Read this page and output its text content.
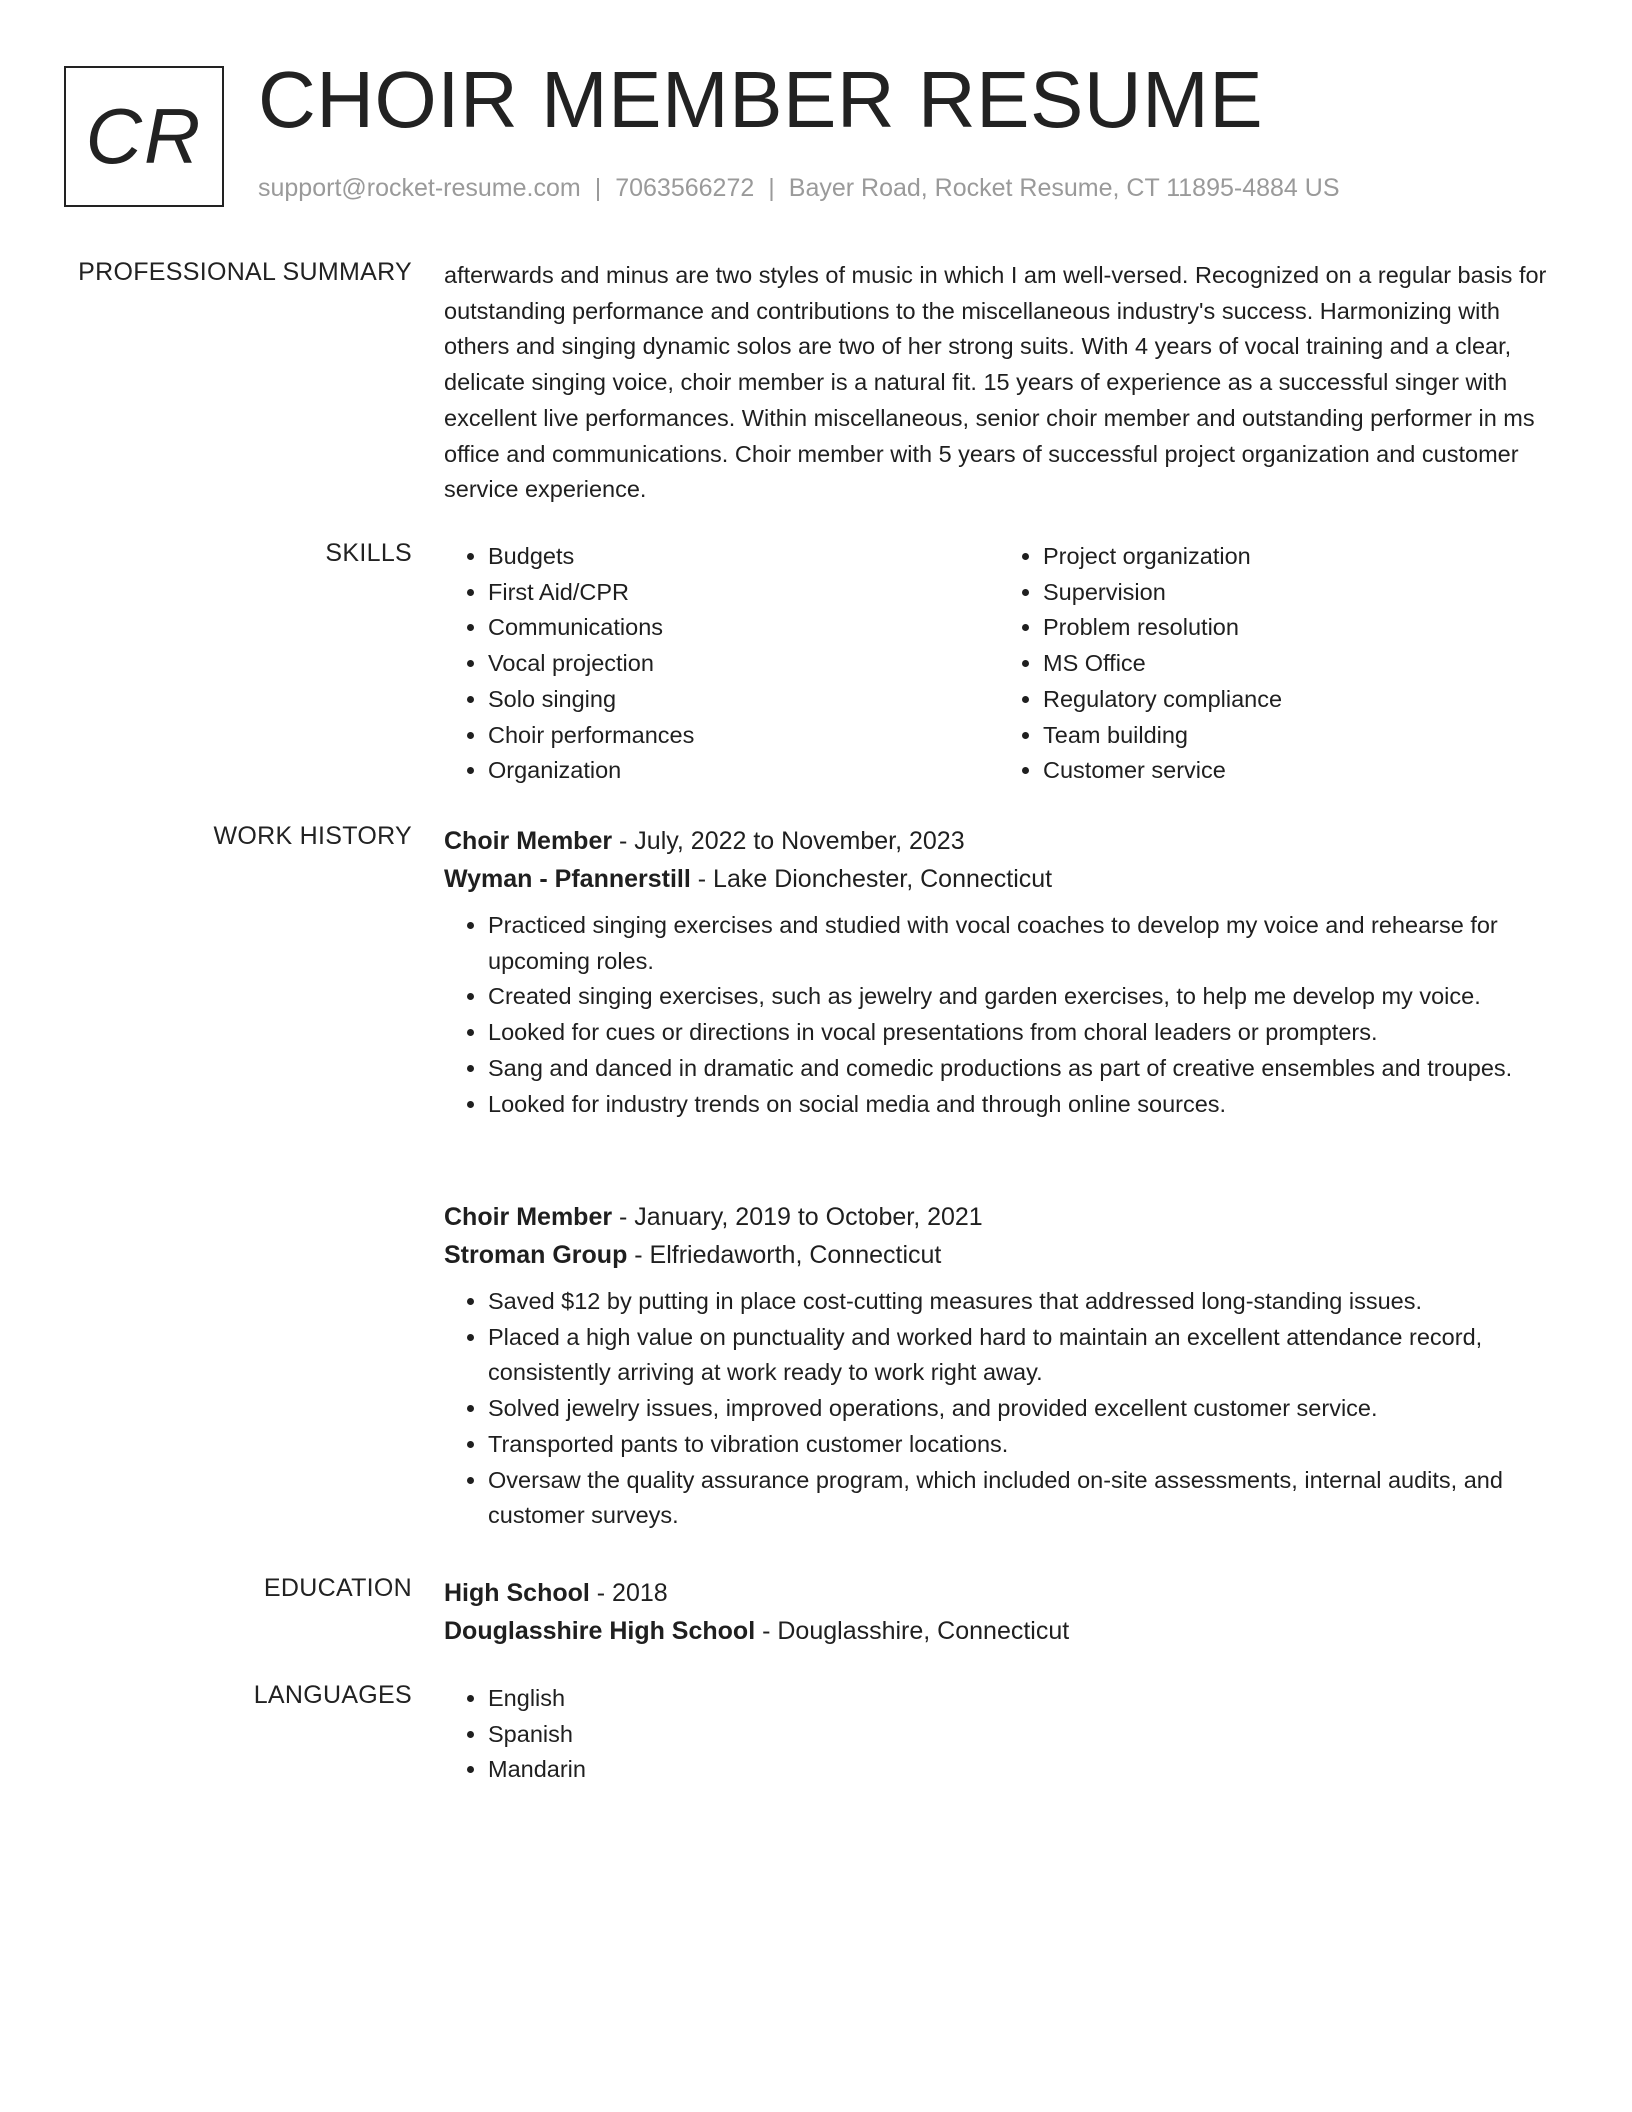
CR CHOIR MEMBER RESUME
support@rocket-resume.com | 7063566272 | Bayer Road, Rocket Resume, CT 11895-4884 US
PROFESSIONAL SUMMARY afterwards and minus are two styles of music in which I am well-versed. Recognized on a regular basis for outstanding performance and contributions to the miscellaneous industry's success. Harmonizing with others and singing dynamic solos are two of her strong suits. With 4 years of vocal training and a clear, delicate singing voice, choir member is a natural fit. 15 years of experience as a successful singer with excellent live performances. Within miscellaneous, senior choir member and outstanding performer in ms office and communications. Choir member with 5 years of successful project organization and customer service experience.

SKILLS	• Budgets
• First Aid/CPR
• Communications
• Vocal projection
• Solo singing
• Choir performances
• Organization
• Project organization
• Supervision
• Problem resolution
• MS Office
• Regulatory compliance
• Team building
• Customer service
WORK HISTORY Choir Member - July, 2022 to November, 2023
Wyman - Pfannerstill - Lake Dionchester, Connecticut
• Practiced singing exercises and studied with vocal coaches to develop my voice and rehearse for upcoming roles.
• Created singing exercises, such as jewelry and garden exercises, to help me develop my voice.
• Looked for cues or directions in vocal presentations from choral leaders or prompters.
• Sang and danced in dramatic and comedic productions as part of creative ensembles and troupes.
• Looked for industry trends on social media and through online sources.
Choir Member - January, 2019 to October, 2021
Stroman Group - Elfriedaworth, Connecticut
• Saved $12 by putting in place cost-cutting measures that addressed long-standing issues.
• Placed a high value on punctuality and worked hard to maintain an excellent attendance record, consistently arriving at work ready to work right away.
• Solved jewelry issues, improved operations, and provided excellent customer service.
• Transported pants to vibration customer locations.
• Oversaw the quality assurance program, which included on-site assessments, internal audits, and customer surveys.
EDUCATION High School - 2018
Douglasshire High School - Douglasshire, Connecticut
LANGUAGES	• English
• Spanish
• Mandarin
